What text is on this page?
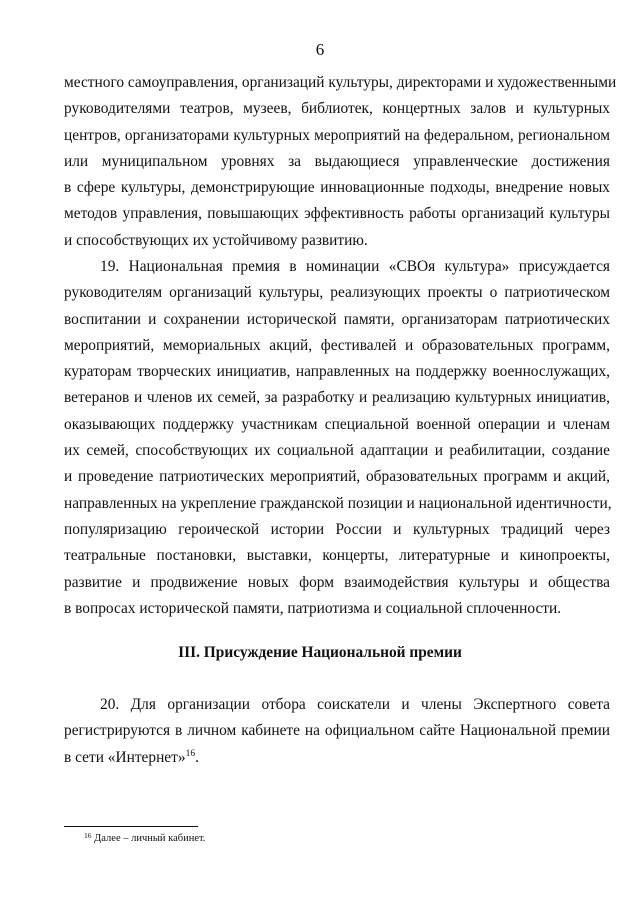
6
местного самоуправления, организаций культуры, директорами и художественными
руководителями театров, музеев, библиотек, концертных залов и культурных
центров, организаторами культурных мероприятий на федеральном, региональном
или муниципальном уровнях за выдающиеся управленческие достижения
в сфере культуры, демонстрирующие инновационные подходы, внедрение новых
методов управления, повышающих эффективность работы организаций культуры
и способствующих их устойчивому развитию.
19. Национальная премия в номинации «СВОя культура» присуждается
руководителям организаций культуры, реализующих проекты о патриотическом
воспитании и сохранении исторической памяти, организаторам патриотических
мероприятий, мемориальных акций, фестивалей и образовательных программ,
кураторам творческих инициатив, направленных на поддержку военнослужащих,
ветеранов и членов их семей, за разработку и реализацию культурных инициатив,
оказывающих поддержку участникам специальной военной операции и членам
их семей, способствующих их социальной адаптации и реабилитации, создание
и проведение патриотических мероприятий, образовательных программ и акций,
направленных на укрепление гражданской позиции и национальной идентичности,
популяризацию героической истории России и культурных традиций через
театральные постановки, выставки, концерты, литературные и кинопроекты,
развитие и продвижение новых форм взаимодействия культуры и общества
в вопросах исторической памяти, патриотизма и социальной сплоченности.
III. Присуждение Национальной премии
20. Для организации отбора соискатели и члены Экспертного совета
регистрируются в личном кабинете на официальном сайте Национальной премии
в сети «Интернет»$^{16}$.
$^{16}$ Далее – личный кабинет.
